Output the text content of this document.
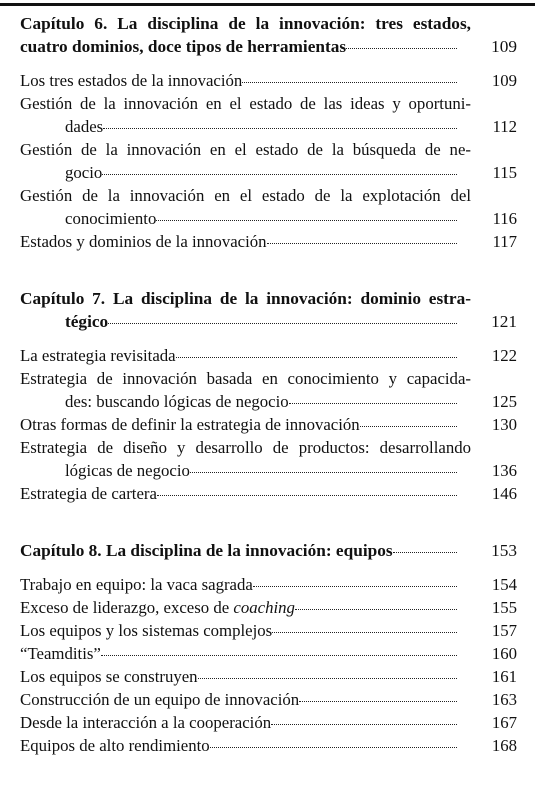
Capítulo 6. La disciplina de la innovación: tres estados,
cuatro dominios, doce tipos de herramientas	109
Los tres estados de la innovación	109
Gestión de la innovación en el estado de las ideas y oportuni-
dades	112
Gestión de la innovación en el estado de la búsqueda de ne-
gocio	115
Gestión de la innovación en el estado de la explotación del
conocimiento	116
Estados y dominios de la innovación	117
Capítulo 7. La disciplina de la innovación: dominio estra-
tégico	121
La estrategia revisitada	122
Estrategia de innovación basada en conocimiento y capacida-
des: buscando lógicas de negocio	125
Otras formas de definir la estrategia de innovación	130
Estrategia de diseño y desarrollo de productos: desarrollando
lógicas de negocio	136
Estrategia de cartera	146
Capítulo 8. La disciplina de la innovación: equipos	153
Trabajo en equipo: la vaca sagrada	154
Exceso de liderazgo, exceso de coaching	155
Los equipos y los sistemas complejos	157
“Teamditis”	160
Los equipos se construyen	161
Construcción de un equipo de innovación	163
Desde la interacción a la cooperación	167
Equipos de alto rendimiento	168
